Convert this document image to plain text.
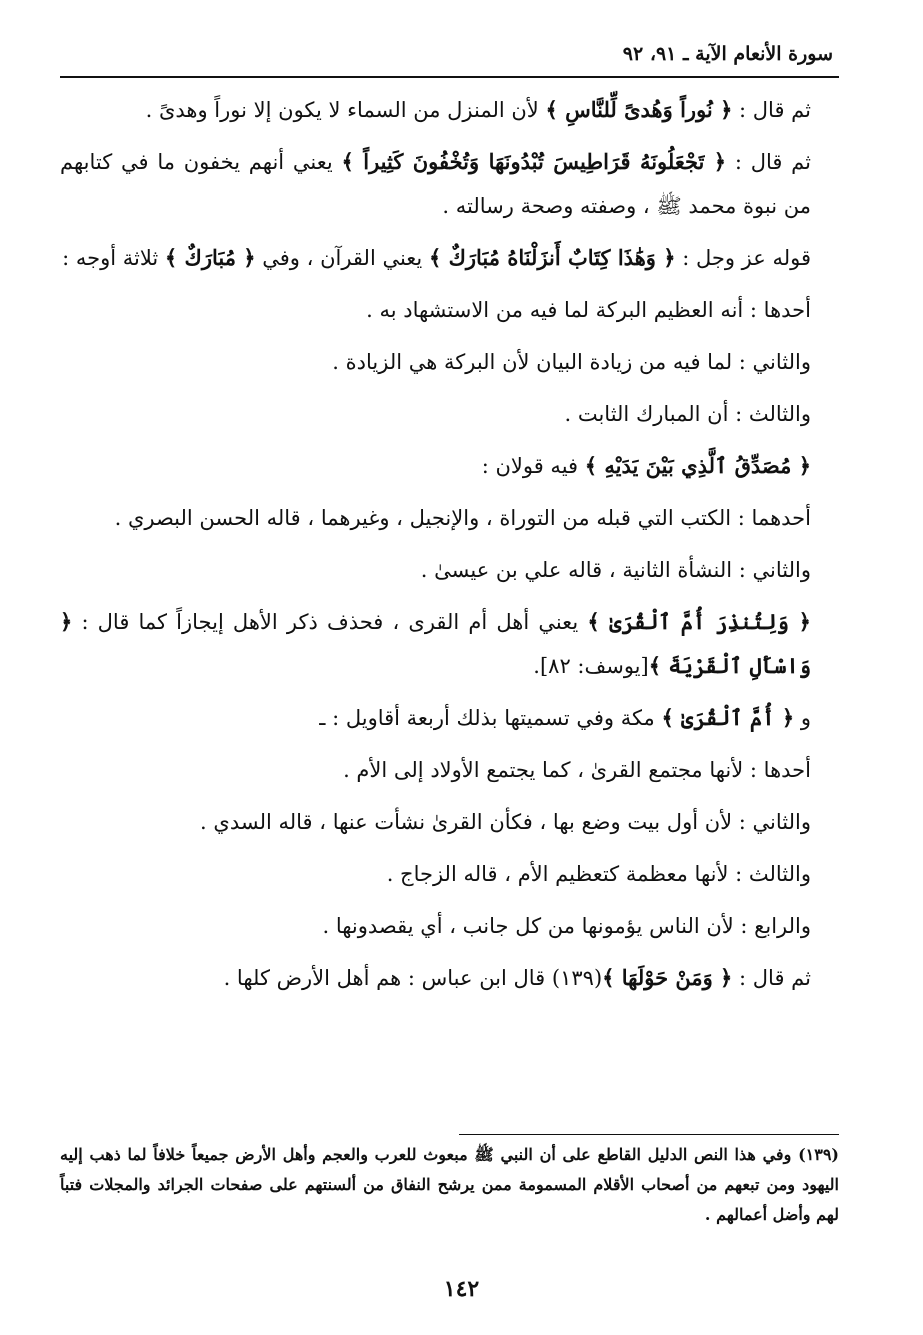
سورة الأنعام الآية ـ ٩١، ٩٢

ثم قال : ﴿ نُوراً وَهُدىً لِّلنَّاسِ ﴾ لأن المنزل من السماء لا يكون إلا نوراً وهدىً .

ثم قال : ﴿ تَجْعَلُونَهُ قَرَاطِيسَ تُبْدُونَهَا وَتُخْفُونَ كَثِيراً ﴾ يعني أنهم يخفون ما في كتابهم من نبوة محمد ﷺ ، وصفته وصحة رسالته .

قوله عز وجل : ﴿ وَهَٰذَا كِتَابٌ أَنزَلْنَاهُ مُبَارَكٌ ﴾ يعني القرآن ، وفي ﴿ مُبَارَكٌ ﴾ ثلاثة أوجه :

أحدها : أنه العظيم البركة لما فيه من الاستشهاد به .

والثاني : لما فيه من زيادة البيان لأن البركة هي الزيادة .

والثالث : أن المبارك الثابت .

﴿ مُصَدِّقُ ٱلَّذِي بَيْنَ يَدَيْهِ ﴾ فيه قولان :

أحدهما : الكتب التي قبله من التوراة ، والإنجيل ، وغيرهما ، قاله الحسن البصري .

والثاني : النشأة الثانية ، قاله علي بن عيسىٰ .

﴿ وَلِتُنذِرَ أُمَّ ٱلْقُرَىٰ ﴾ يعني أهل أم القرى ، فحذف ذكر الأهل إيجازاً كما قال : ﴿ وَاسْأَلِ ٱلْقَرْيَةَ ﴾[يوسف: ٨٢].

و ﴿ أُمَّ ٱلْقُرَىٰ ﴾ مكة وفي تسميتها بذلك أربعة أقاويل : ـ

أحدها : لأنها مجتمع القرىٰ ، كما يجتمع الأولاد إلى الأم .

والثاني : لأن أول بيت وضع بها ، فكأن القرىٰ نشأت عنها ، قاله السدي .

والثالث : لأنها معظمة كتعظيم الأم ، قاله الزجاج .

والرابع : لأن الناس يؤمونها من كل جانب ، أي يقصدونها .

ثم قال : ﴿ وَمَنْ حَوْلَهَا ﴾(١٣٩) قال ابن عباس : هم أهل الأرض كلها .

(١٣٩) وفي هذا النص الدليل القاطع على أن النبي ﷺ مبعوث للعرب والعجم وأهل الأرض جميعاً خلافاً لما ذهب إليه اليهود ومن تبعهم من أصحاب الأقلام المسمومة ممن يرشح النفاق من ألسنتهم على صفحات الجرائد والمجلات فتباً لهم وأضل أعمالهم .

١٤٢
